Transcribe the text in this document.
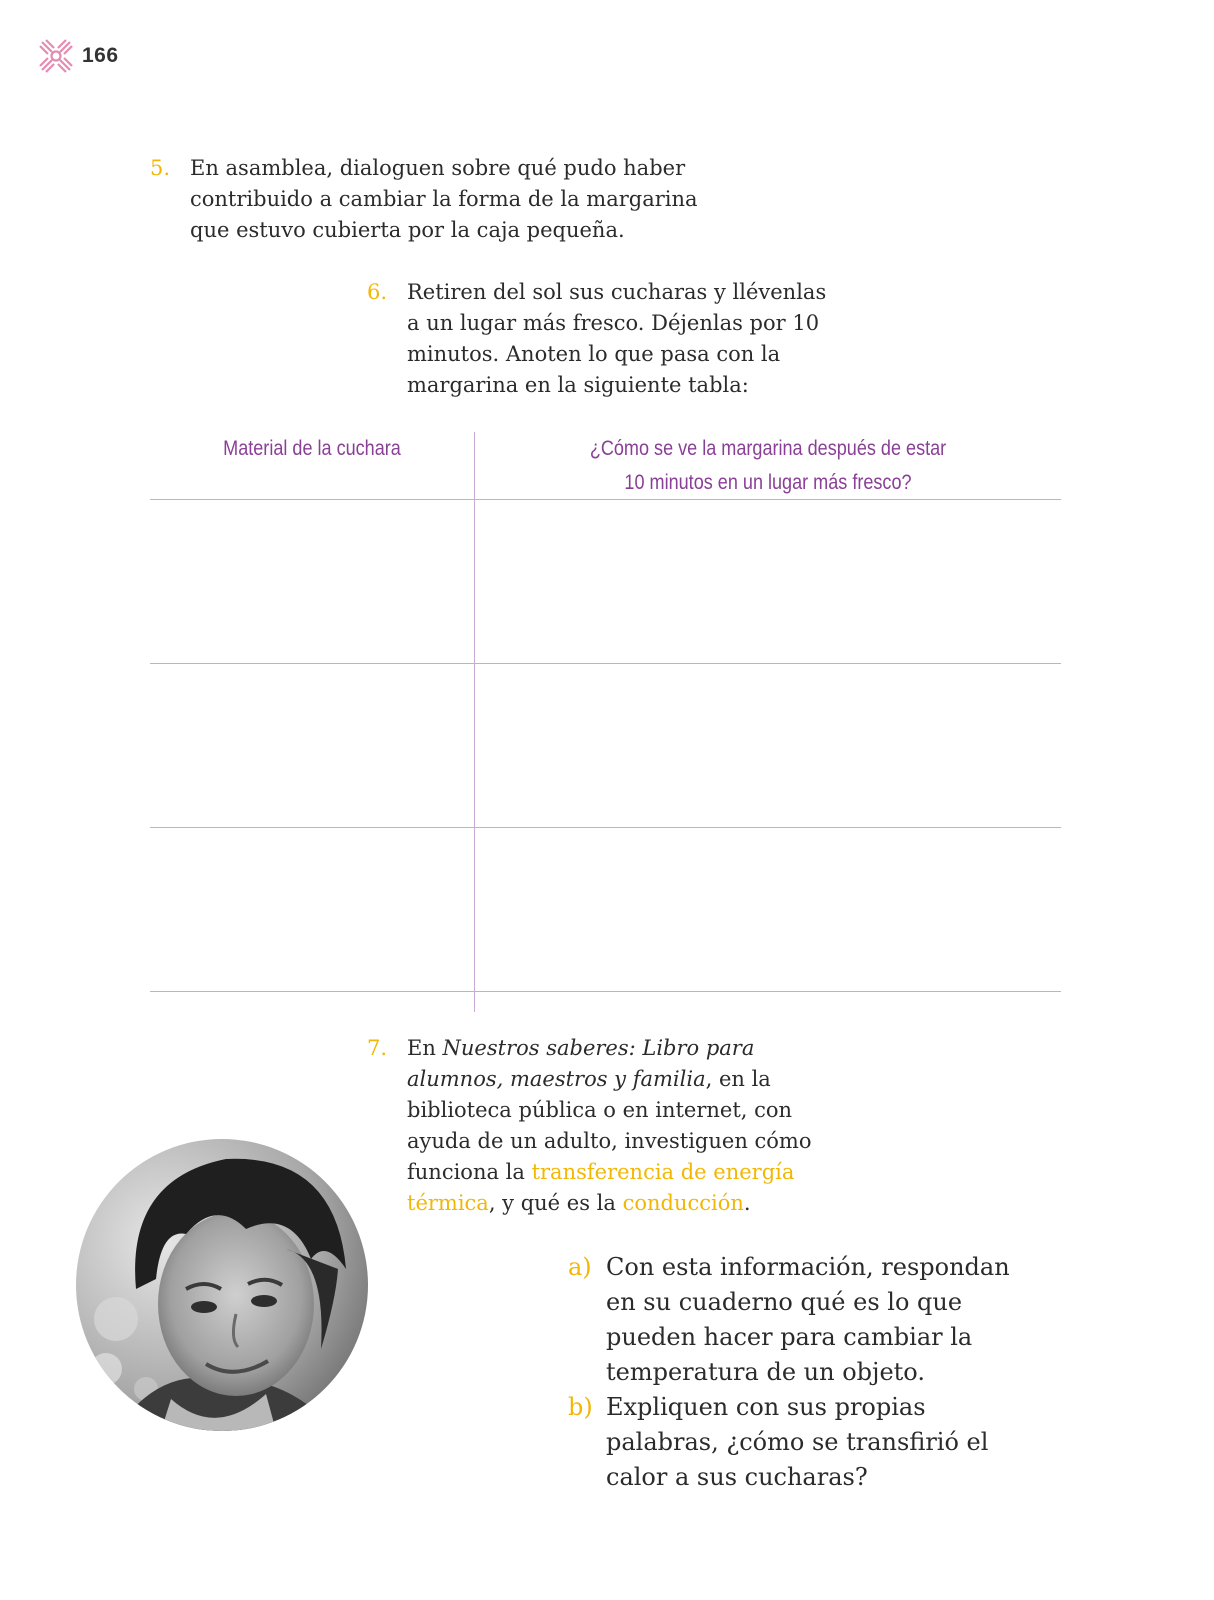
166
5. En asamblea, dialoguen sobre qué pudo haber
contribuido a cambiar la forma de la margarina
que estuvo cubierta por la caja pequeña.
6. Retiren del sol sus cucharas y llévenlas
a un lugar más fresco. Déjenlas por 10
minutos. Anoten lo que pasa con la
margarina en la siguiente tabla:
Material de la cuchara	¿Cómo se ve la margarina después de estar
10 minutos en un lugar más fresco?
7. En Nuestros saberes: Libro para
alumnos, maestros y familia, en la
biblioteca pública o en internet, con
ayuda de un adulto, investiguen cómo
funciona la transferencia de energía
térmica, y qué es la conducción.
a) Con esta información, respondan
en su cuaderno qué es lo que
pueden hacer para cambiar la
temperatura de un objeto.
b) Expliquen con sus propias
palabras, ¿cómo se transfirió el
calor a sus cucharas?
